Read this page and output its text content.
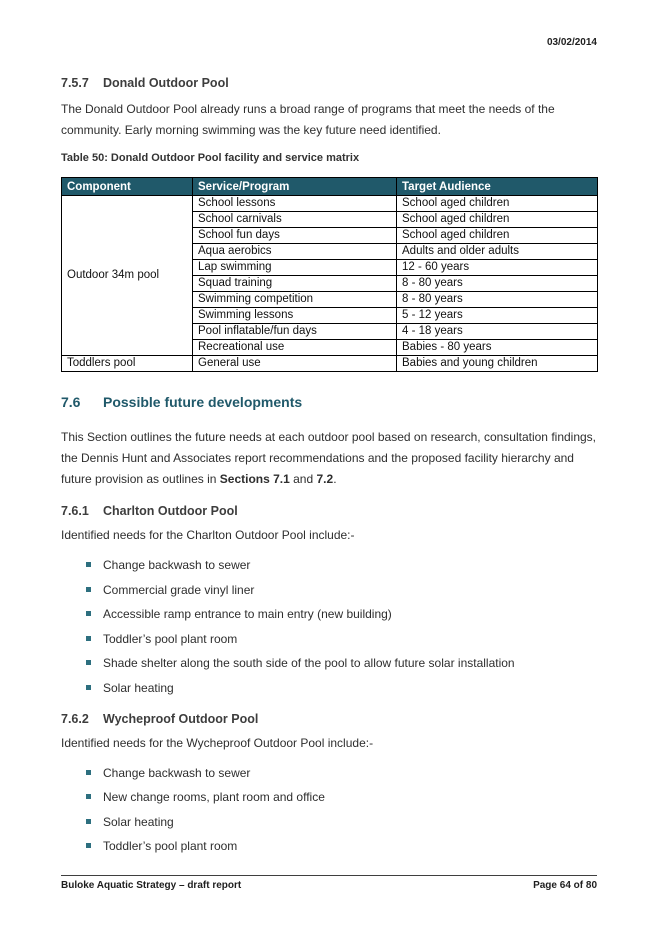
03/02/2014
7.5.7 Donald Outdoor Pool

The Donald Outdoor Pool already runs a broad range of programs that meet the needs of the community. Early morning swimming was the key future need identified.

Table 50: Donald Outdoor Pool facility and service matrix
Component	Service/Program	Target Audience
Outdoor 34m pool	School lessons	School aged children
	School carnivals	School aged children
	School fun days	School aged children
	Aqua aerobics	Adults and older adults
	Lap swimming	12 - 60 years
	Squad training	8 - 80 years
	Swimming competition	8 - 80 years
	Swimming lessons	5 - 12 years
	Pool inflatable/fun days	4 - 18 years
	Recreational use	Babies - 80 years
Toddlers pool	General use	Babies and young children
7.6 Possible future developments

This Section outlines the future needs at each outdoor pool based on research, consultation findings, the Dennis Hunt and Associates report recommendations and the proposed facility hierarchy and future provision as outlines in Sections 7.1 and 7.2.

7.6.1 Charlton Outdoor Pool

Identified needs for the Charlton Outdoor Pool include:-

Change backwash to sewer
Commercial grade vinyl liner
Accessible ramp entrance to main entry (new building)
Toddler’s pool plant room
Shade shelter along the south side of the pool to allow future solar installation
Solar heating
7.6.2 Wycheproof Outdoor Pool

Identified needs for the Wycheproof Outdoor Pool include:-

Change backwash to sewer
New change rooms, plant room and office
Solar heating
Toddler’s pool plant room
Buloke Aquatic Strategy – draft report	Page 64 of 80
